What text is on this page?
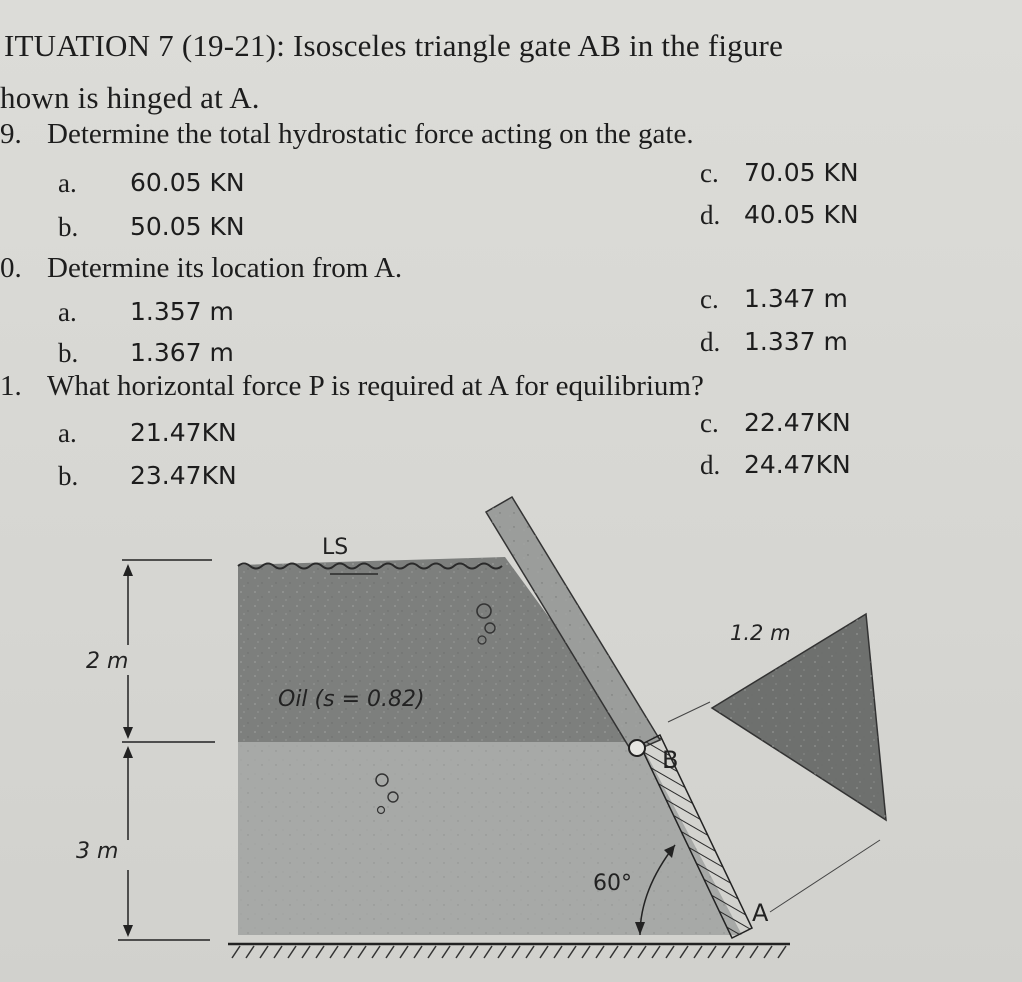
ITUATION 7 (19-21): Isosceles triangle gate AB in the figure
hown is hinged at A.
9. Determine the total hydrostatic force acting on the gate.
a. 60.05 KN
b. 50.05 KN
c. 70.05 KN
d. 40.05 KN
0. Determine its location from A.
a. 1.357 m
b. 1.367 m
c. 1.347 m
d. 1.337 m
1. What horizontal force P is required at A for equilibrium?
a. 21.47KN
b. 23.47KN
c. 22.47KN
d. 24.47KN
LS
Oil (s = 0.82)
2 m
3 m
60°
B
A
1.2 m
